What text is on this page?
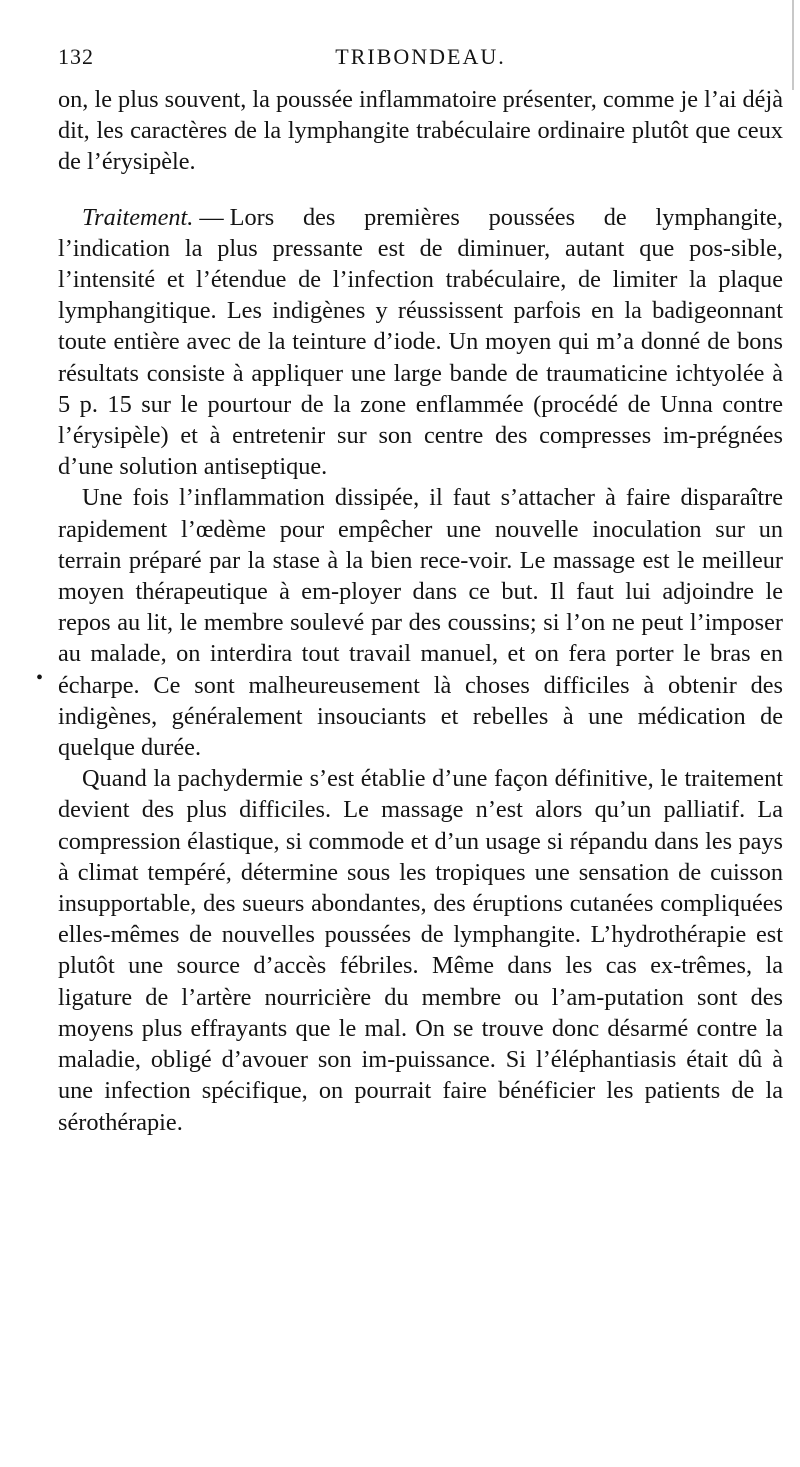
•
132	TRIBONDEAU.

on, le plus souvent, la poussée inflammatoire présenter, comme je l’ai déjà dit, les caractères de la lymphangite trabéculaire ordinaire plutôt que ceux de l’érysipèle.

Traitement. — Lors des premières poussées de lymphangite, l’indication la plus pressante est de diminuer, autant que pos-sible, l’intensité et l’étendue de l’infection trabéculaire, de limiter la plaque lymphangitique. Les indigènes y réussissent parfois en la badigeonnant toute entière avec de la teinture d’iode. Un moyen qui m’a donné de bons résultats consiste à appliquer une large bande de traumaticine ichtyolée à 5 p. 15 sur le pourtour de la zone enflammée (procédé de Unna contre l’érysipèle) et à entretenir sur son centre des compresses im-prégnées d’une solution antiseptique.

Une fois l’inflammation dissipée, il faut s’attacher à faire disparaître rapidement l’œdème pour empêcher une nouvelle inoculation sur un terrain préparé par la stase à la bien rece-voir. Le massage est le meilleur moyen thérapeutique à em-ployer dans ce but. Il faut lui adjoindre le repos au lit, le membre soulevé par des coussins; si l’on ne peut l’imposer au malade, on interdira tout travail manuel, et on fera porter le bras en écharpe. Ce sont malheureusement là choses difficiles à obtenir des indigènes, généralement insouciants et rebelles à une médication de quelque durée.

Quand la pachydermie s’est établie d’une façon définitive, le traitement devient des plus difficiles. Le massage n’est alors qu’un palliatif. La compression élastique, si commode et d’un usage si répandu dans les pays à climat tempéré, détermine sous les tropiques une sensation de cuisson insupportable, des sueurs abondantes, des éruptions cutanées compliquées elles-mêmes de nouvelles poussées de lymphangite. L’hydrothérapie est plutôt une source d’accès fébriles. Même dans les cas ex-trêmes, la ligature de l’artère nourricière du membre ou l’am-putation sont des moyens plus effrayants que le mal. On se trouve donc désarmé contre la maladie, obligé d’avouer son im-puissance. Si l’éléphantiasis était dû à une infection spécifique, on pourrait faire bénéficier les patients de la sérothérapie.
